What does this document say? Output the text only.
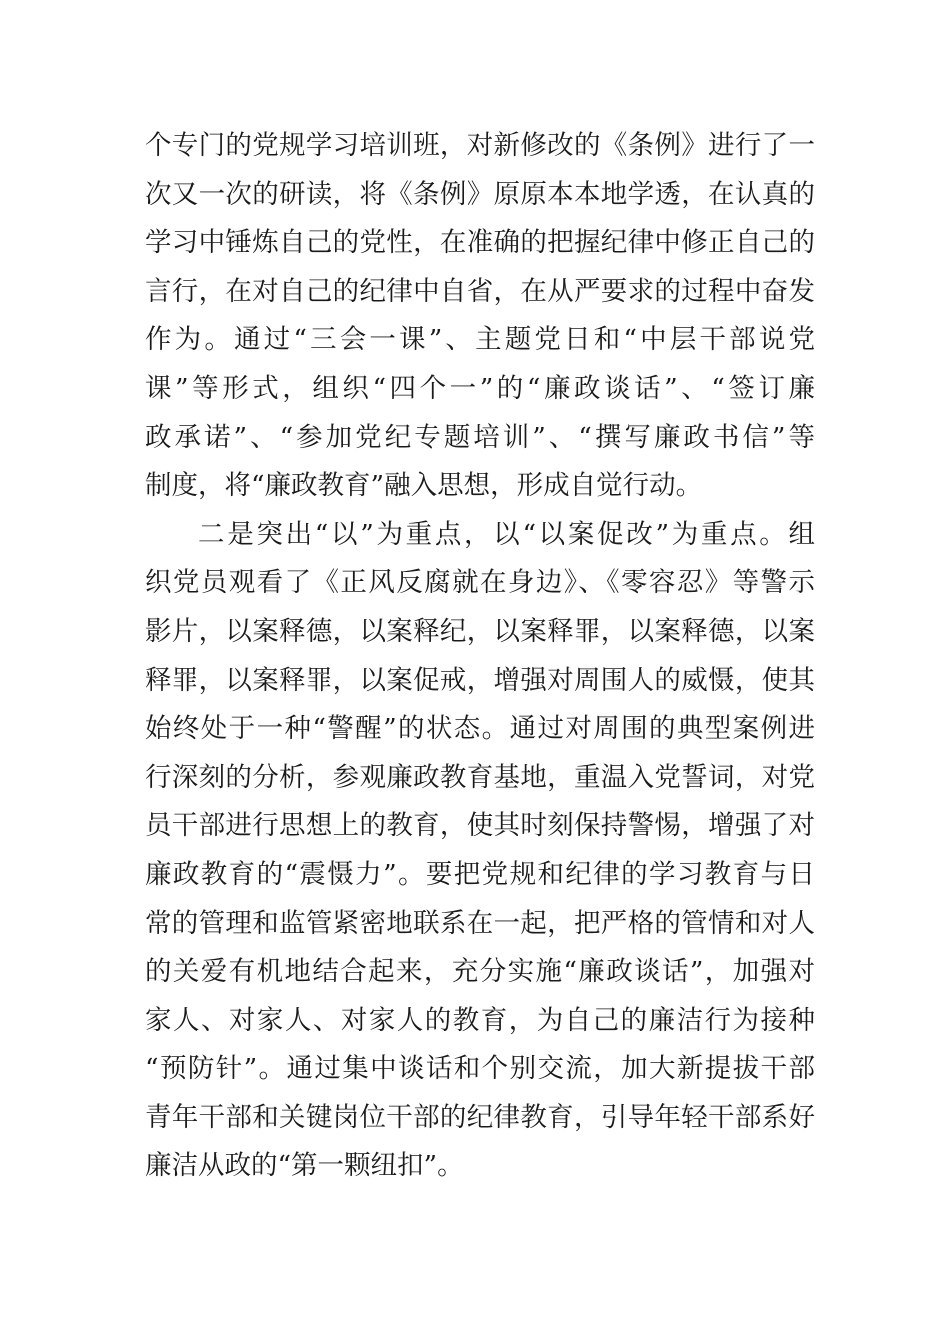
个专门的党规学习培训班，对新修改的《条例》进行了一
次又一次的研读，将《条例》原原本本地学透，在认真的
学习中锤炼自己的党性，在准确的把握纪律中修正自己的
言行，在对自己的纪律中自省，在从严要求的过程中奋发
作为。通过“三会一课”、主题党日和“中层干部说党
课”等形式，组织“四个一”的“廉政谈话”、“签订廉
政承诺”、“参加党纪专题培训”、“撰写廉政书信”等
制度，将“廉政教育”融入思想，形成自觉行动。
二是突出“以”为重点，以“以案促改”为重点。组
织党员观看了《正风反腐就在身边》、《零容忍》等警示
影片，以案释德，以案释纪，以案释罪，以案释德，以案
释罪，以案释罪，以案促戒，增强对周围人的威慑，使其
始终处于一种“警醒”的状态。通过对周围的典型案例进
行深刻的分析，参观廉政教育基地，重温入党誓词，对党
员干部进行思想上的教育，使其时刻保持警惕，增强了对
廉政教育的“震慑力”。要把党规和纪律的学习教育与日
常的管理和监管紧密地联系在一起，把严格的管情和对人
的关爱有机地结合起来，充分实施“廉政谈话”，加强对
家人、对家人、对家人的教育，为自己的廉洁行为接种
“预防针”。通过集中谈话和个别交流，加大新提拔干部
青年干部和关键岗位干部的纪律教育，引导年轻干部系好
廉洁从政的“第一颗纽扣”。
